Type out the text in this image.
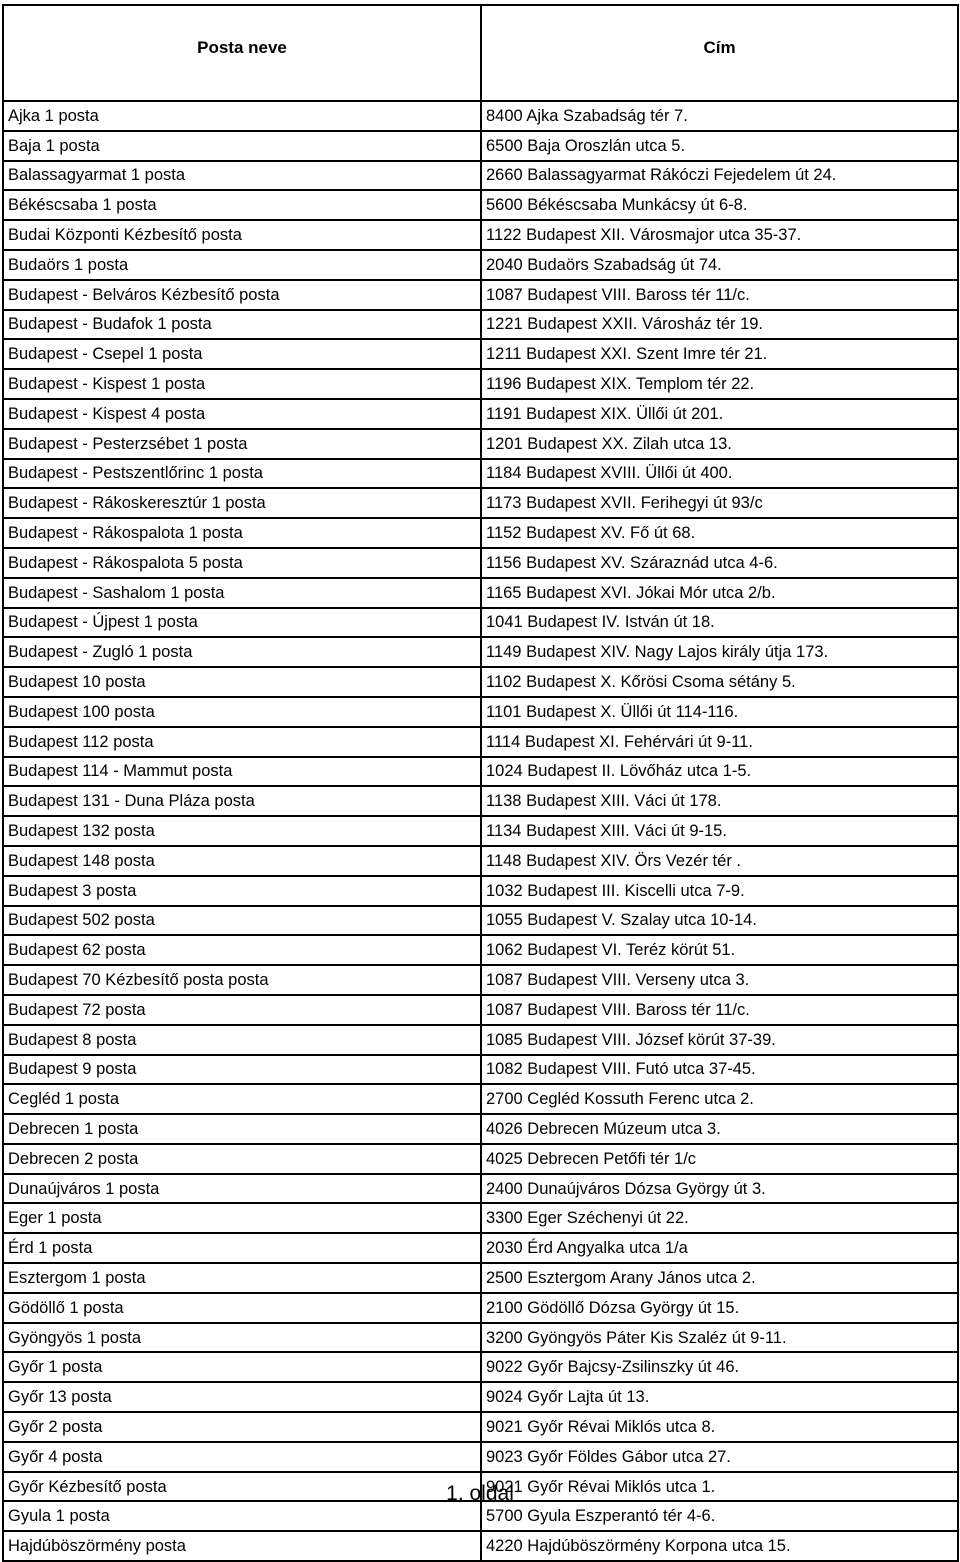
Posta neve	Cím
Ajka 1 posta	8400 Ajka Szabadság tér 7.
Baja 1 posta	6500 Baja Oroszlán utca 5.
Balassagyarmat 1 posta	2660 Balassagyarmat Rákóczi Fejedelem út 24.
Békéscsaba 1 posta	5600 Békéscsaba Munkácsy út 6-8.
Budai Központi Kézbesítő posta	1122 Budapest XII. Városmajor utca 35-37.
Budaörs 1 posta	2040 Budaörs Szabadság út 74.
Budapest - Belváros Kézbesítő posta	1087 Budapest VIII. Baross tér 11/c.
Budapest - Budafok 1 posta	1221 Budapest XXII. Városház tér 19.
Budapest - Csepel 1 posta	1211 Budapest XXI. Szent Imre tér 21.
Budapest - Kispest 1 posta	1196 Budapest XIX. Templom tér 22.
Budapest - Kispest 4 posta	1191 Budapest XIX. Üllői út 201.
Budapest - Pesterzsébet 1 posta	1201 Budapest XX. Zilah utca 13.
Budapest - Pestszentlőrinc 1 posta	1184 Budapest XVIII. Üllői út 400.
Budapest - Rákoskeresztúr 1 posta	1173 Budapest XVII. Ferihegyi út 93/c
Budapest - Rákospalota 1 posta	1152 Budapest XV. Fő út 68.
Budapest - Rákospalota 5 posta	1156 Budapest XV. Száraznád utca 4-6.
Budapest - Sashalom 1 posta	1165 Budapest XVI. Jókai Mór utca 2/b.
Budapest - Újpest 1 posta	1041 Budapest IV. István út 18.
Budapest - Zugló 1 posta	1149 Budapest XIV. Nagy Lajos király útja 173.
Budapest 10 posta	1102 Budapest X. Kőrösi Csoma sétány 5.
Budapest 100 posta	1101 Budapest X. Üllői út 114-116.
Budapest 112 posta	1114 Budapest XI. Fehérvári út 9-11.
Budapest 114 - Mammut posta	1024 Budapest II. Lövőház utca 1-5.
Budapest 131 - Duna Pláza posta	1138 Budapest XIII. Váci út 178.
Budapest 132 posta	1134 Budapest XIII. Váci út 9-15.
Budapest 148 posta	1148 Budapest XIV. Örs Vezér tér .
Budapest 3 posta	1032 Budapest III. Kiscelli utca 7-9.
Budapest 502 posta	1055 Budapest V. Szalay utca 10-14.
Budapest 62 posta	1062 Budapest VI. Teréz körút 51.
Budapest 70 Kézbesítő posta posta	1087 Budapest VIII. Verseny utca 3.
Budapest 72 posta	1087 Budapest VIII. Baross tér 11/c.
Budapest 8 posta	1085 Budapest VIII. József körút 37-39.
Budapest 9 posta	1082 Budapest VIII. Futó utca 37-45.
Cegléd 1 posta	2700 Cegléd Kossuth Ferenc utca 2.
Debrecen 1 posta	4026 Debrecen Múzeum utca 3.
Debrecen 2 posta	4025 Debrecen Petőfi tér 1/c
Dunaújváros 1 posta	2400 Dunaújváros Dózsa György út 3.
Eger 1 posta	3300 Eger Széchenyi út 22.
Érd 1 posta	2030 Érd Angyalka utca 1/a
Esztergom 1 posta	2500 Esztergom Arany János utca 2.
Gödöllő 1 posta	2100 Gödöllő Dózsa György út 15.
Gyöngyös 1 posta	3200 Gyöngyös Páter Kis Szaléz út 9-11.
Győr 1 posta	9022 Győr Bajcsy-Zsilinszky út 46.
Győr 13 posta	9024 Győr Lajta út 13.
Győr 2 posta	9021 Győr Révai Miklós utca 8.
Győr 4 posta	9023 Győr Földes Gábor utca 27.
Győr Kézbesítő posta	9021 Győr Révai Miklós utca 1.
Gyula 1 posta	5700 Gyula Eszperantó tér 4-6.
Hajdúböszörmény posta	4220 Hajdúböszörmény Korpona utca 15.
1. oldal
